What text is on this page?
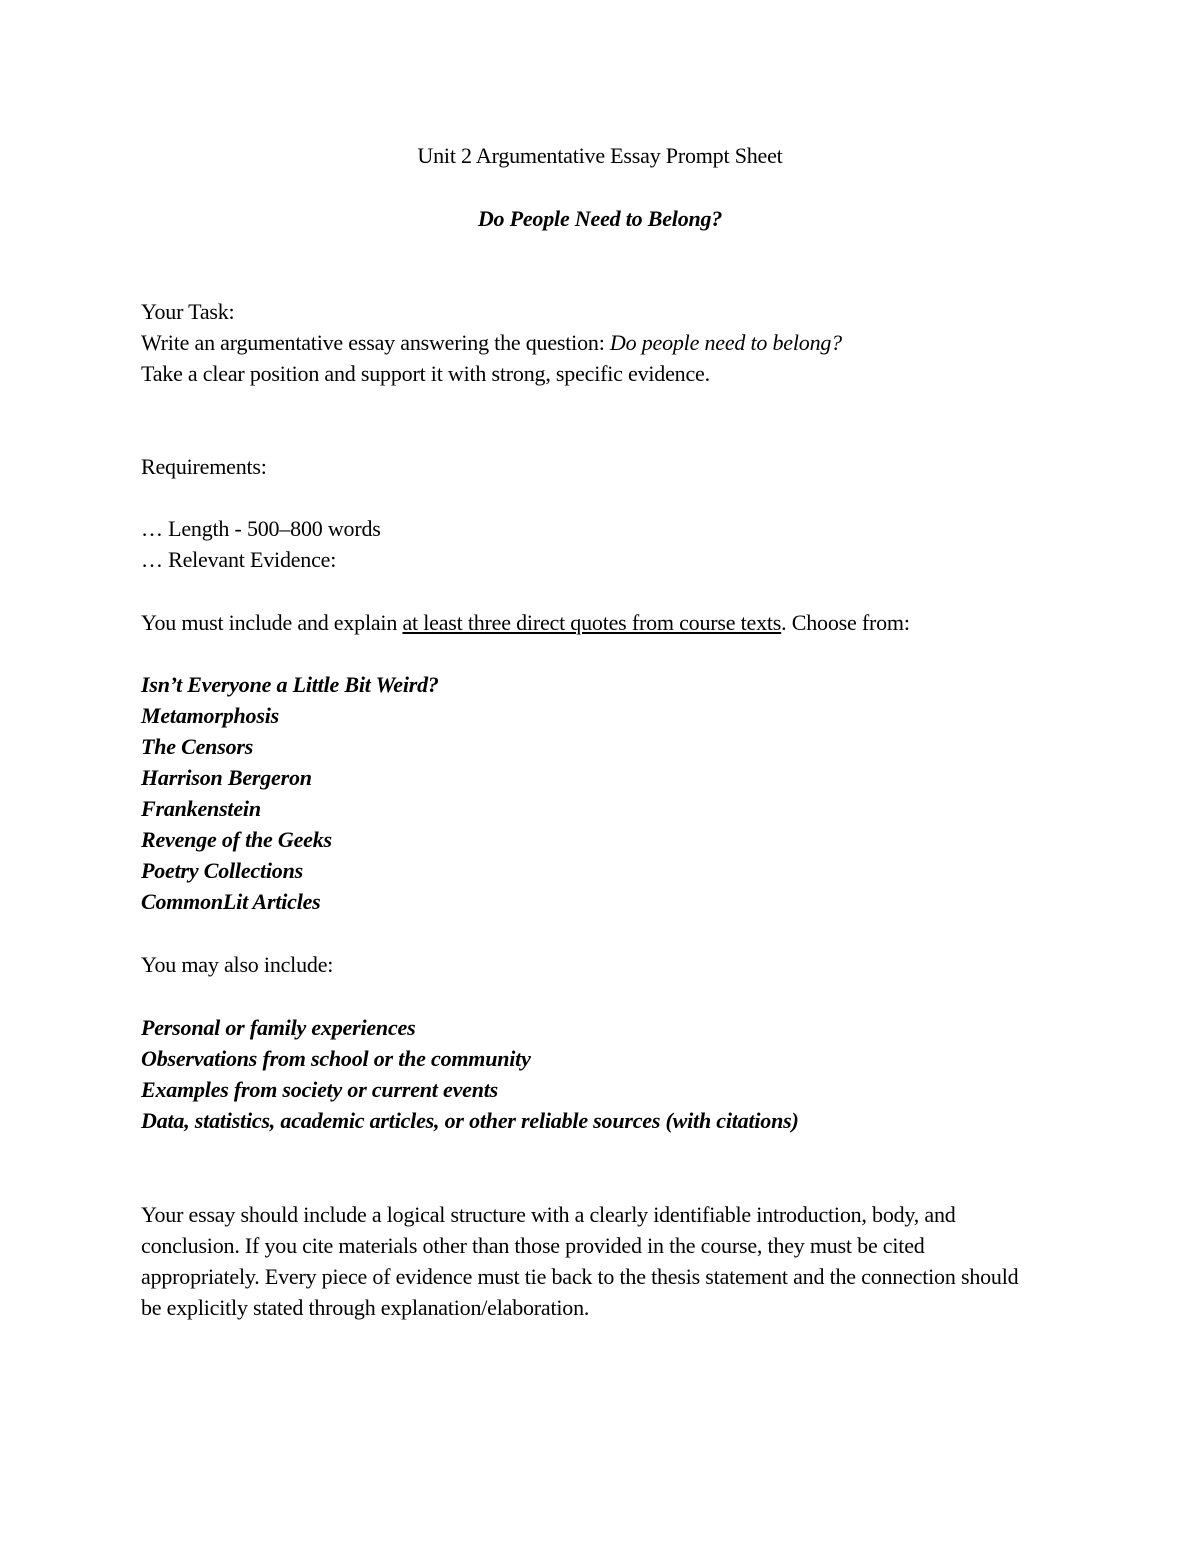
Unit 2 Argumentative Essay Prompt Sheet
Do People Need to Belong?
Your Task:
Write an argumentative essay answering the question: Do people need to belong?
Take a clear position and support it with strong, specific evidence.
Requirements:
… Length - 500–800 words
… Relevant Evidence:
You must include and explain at least three direct quotes from course texts. Choose from:
Isn’t Everyone a Little Bit Weird?
Metamorphosis
The Censors
Harrison Bergeron
Frankenstein
Revenge of the Geeks
Poetry Collections
CommonLit Articles
You may also include:
Personal or family experiences
Observations from school or the community
Examples from society or current events
Data, statistics, academic articles, or other reliable sources (with citations)
Your essay should include a logical structure with a clearly identifiable introduction, body, and conclusion. If you cite materials other than those provided in the course, they must be cited appropriately. Every piece of evidence must tie back to the thesis statement and the connection should be explicitly stated through explanation/elaboration.
